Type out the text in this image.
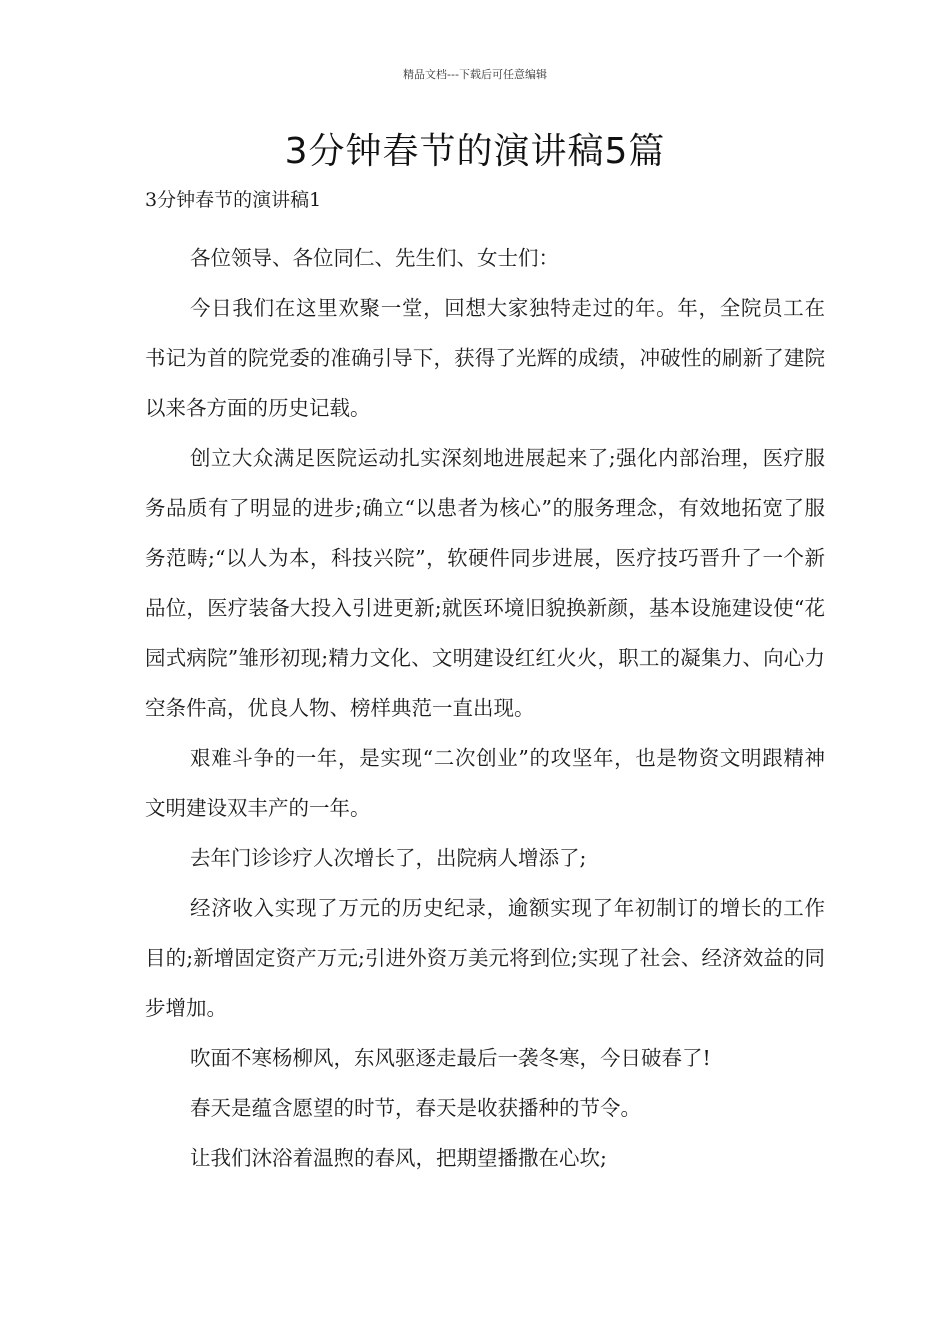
精品文档---下载后可任意编辑
3分钟春节的演讲稿5篇
3分钟春节的演讲稿1

各位领导、各位同仁、先生们、女士们：

今日我们在这里欢聚一堂，回想大家独特走过的年。年，全院员工在书记为首的院党委的准确引导下，获得了光辉的成绩，冲破性的刷新了建院以来各方面的历史记载。

创立大众满足医院运动扎实深刻地进展起来了;强化内部治理，医疗服务品质有了明显的进步;确立“以患者为核心”的服务理念，有效地拓宽了服务范畴;“以人为本，科技兴院”，软硬件同步进展，医疗技巧晋升了一个新品位，医疗装备大投入引进更新;就医环境旧貌换新颜，基本设施建设使“花园式病院”雏形初现;精力文化、文明建设红红火火，职工的凝集力、向心力空条件高，优良人物、榜样典范一直出现。

艰难斗争的一年，是实现“二次创业”的攻坚年，也是物资文明跟精神文明建设双丰产的一年。

去年门诊诊疗人次增长了，出院病人增添了;

经济收入实现了万元的历史纪录，逾额实现了年初制订的增长的工作目的;新增固定资产万元;引进外资万美元将到位;实现了社会、经济效益的同步增加。

吹面不寒杨柳风，东风驱逐走最后一袭冬寒，今日破春了!

春天是蕴含愿望的时节，春天是收获播种的节令。

让我们沐浴着温煦的春风，把期望播撒在心坎;
